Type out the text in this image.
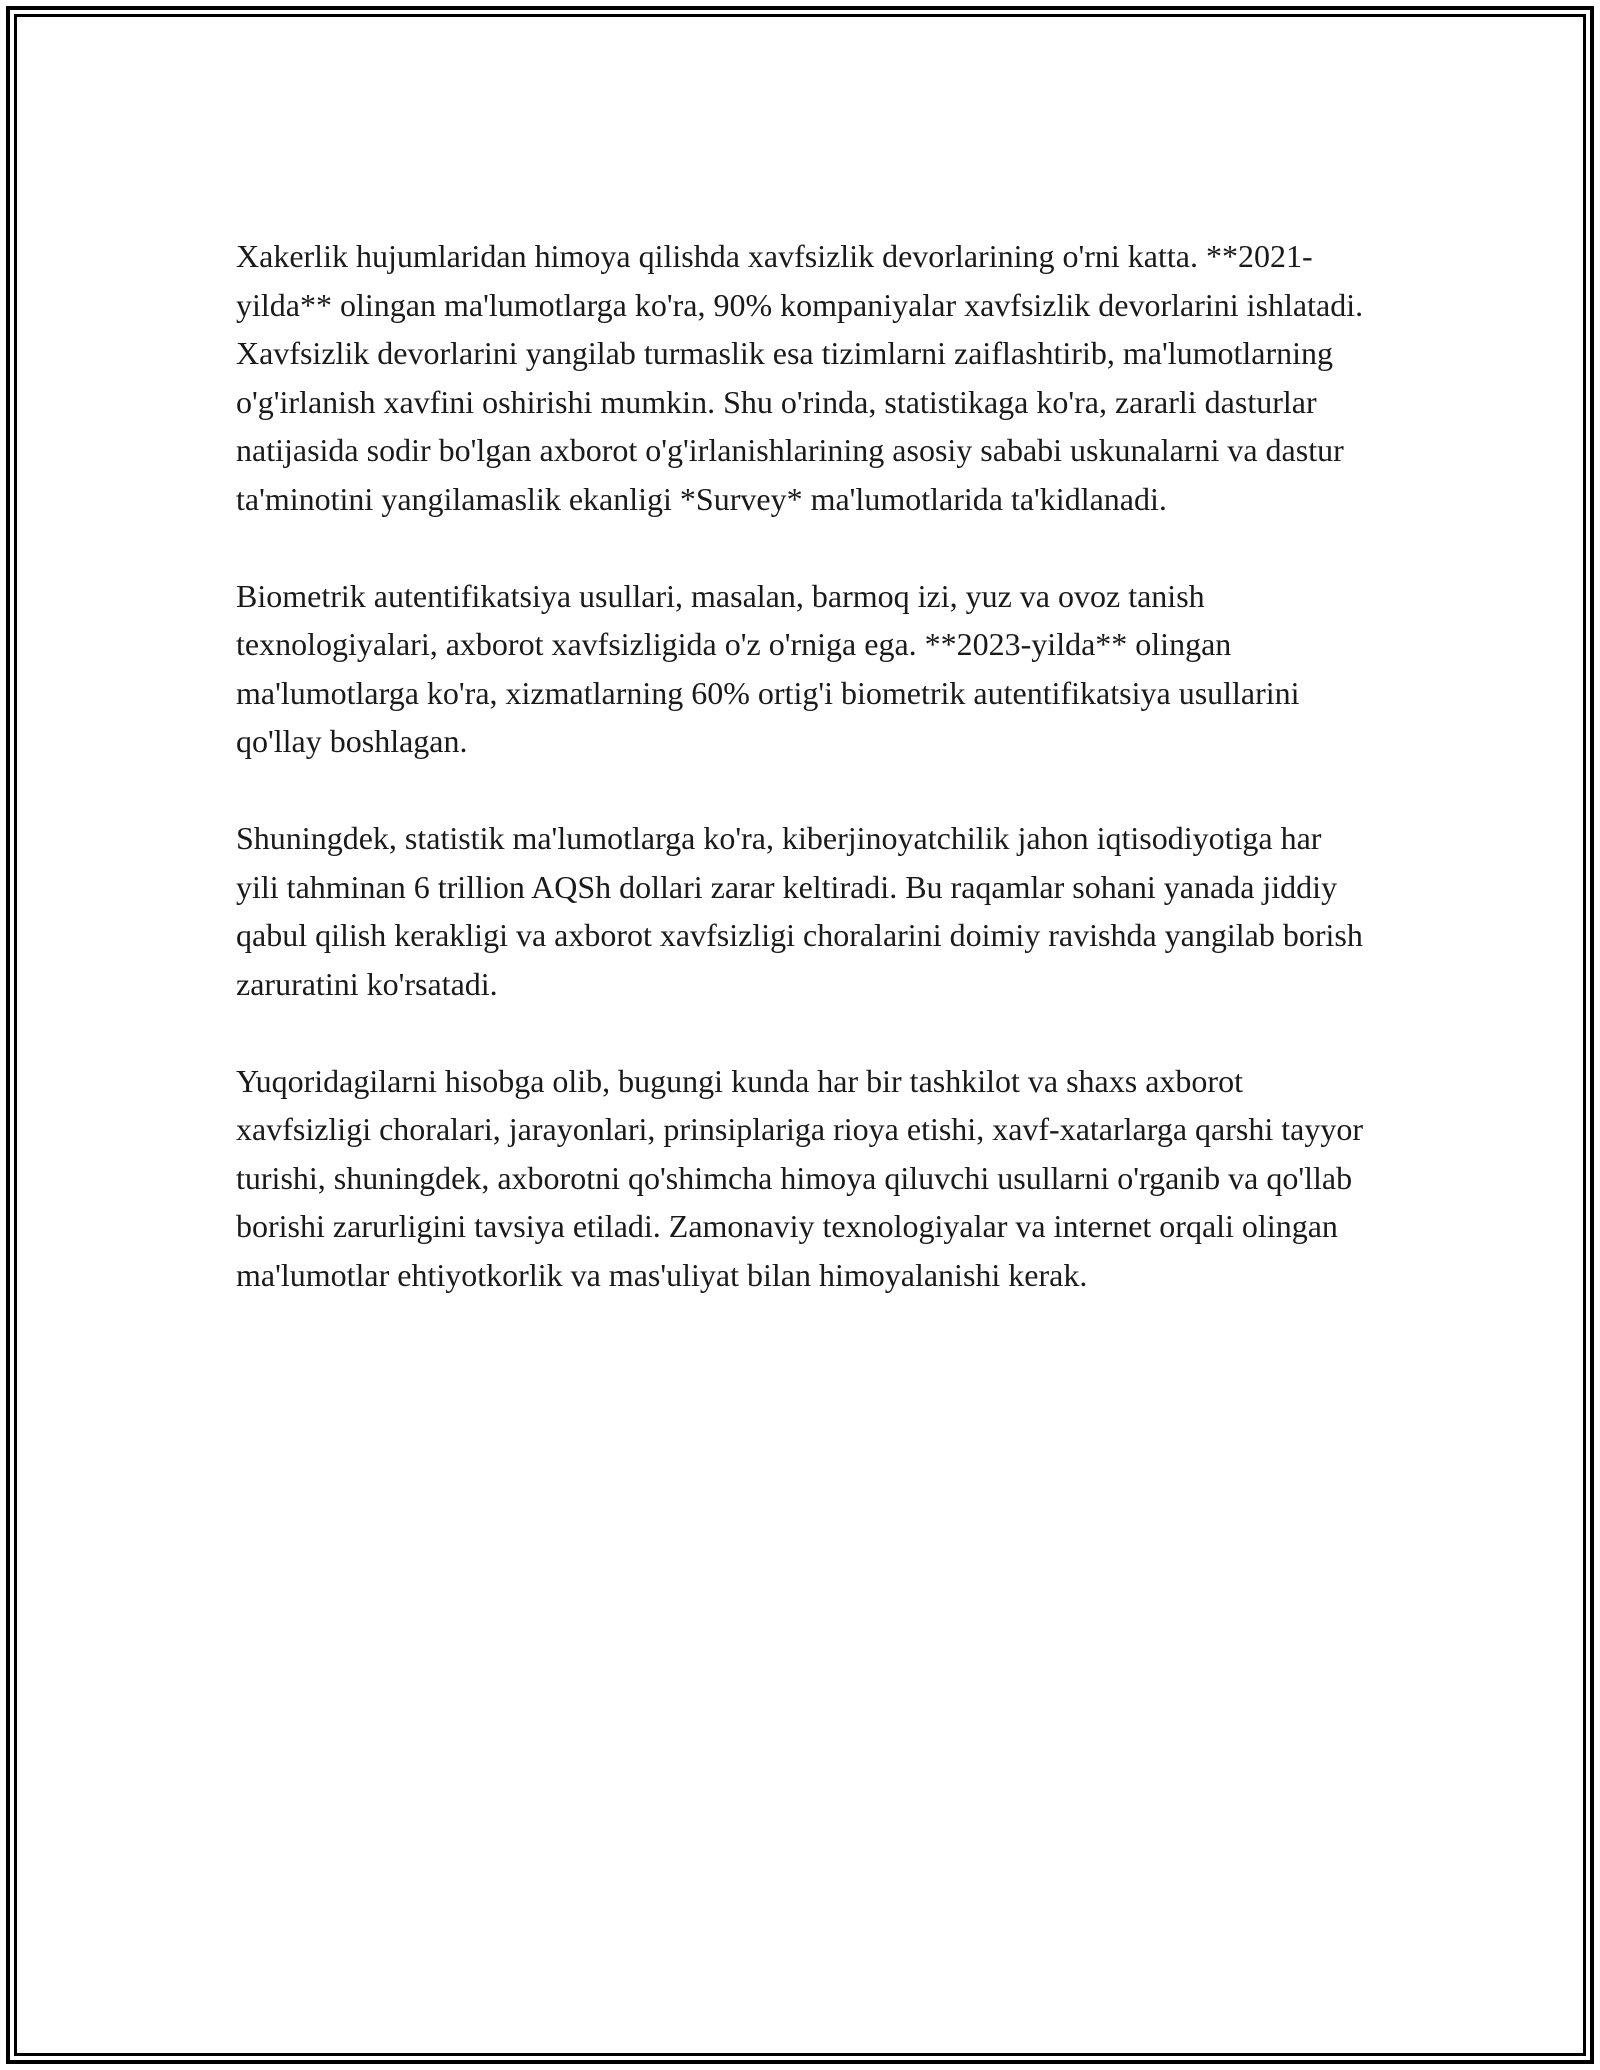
Xakerlik hujumlaridan himoya qilishda xavfsizlik devorlarining o'rni katta. **2021-yilda** olingan ma'lumotlarga ko'ra, 90% kompaniyalar xavfsizlik devorlarini ishlatadi. Xavfsizlik devorlarini yangilab turmaslik esa tizimlarni zaiflashtirib, ma'lumotlarning o'g'irlanish xavfini oshirishi mumkin. Shu o'rinda, statistikaga ko'ra, zararli dasturlar natijasida sodir bo'lgan axborot o'g'irlanishlarining asosiy sababi uskunalarni va dastur ta'minotini yangilamaslik ekanligi *Survey* ma'lumotlarida ta'kidlanadi.

Biometrik autentifikatsiya usullari, masalan, barmoq izi, yuz va ovoz tanish texnologiyalari, axborot xavfsizligida o'z o'rniga ega. **2023-yilda** olingan ma'lumotlarga ko'ra, xizmatlarning 60% ortig'i biometrik autentifikatsiya usullarini qo'llay boshlagan.

Shuningdek, statistik ma'lumotlarga ko'ra, kiberjinoyatchilik jahon iqtisodiyotiga har yili tahminan 6 trillion AQSh dollari zarar keltiradi. Bu raqamlar sohani yanada jiddiy qabul qilish kerakligi va axborot xavfsizligi choralarini doimiy ravishda yangilab borish zaruratini ko'rsatadi.

Yuqoridagilarni hisobga olib, bugungi kunda har bir tashkilot va shaxs axborot xavfsizligi choralari, jarayonlari, prinsiplariga rioya etishi, xavf-xatarlarga qarshi tayyor turishi, shuningdek, axborotni qo'shimcha himoya qiluvchi usullarni o'rganib va qo'llab borishi zarurligini tavsiya etiladi. Zamonaviy texnologiyalar va internet orqali olingan ma'lumotlar ehtiyotkorlik va mas'uliyat bilan himoyalanishi kerak.
